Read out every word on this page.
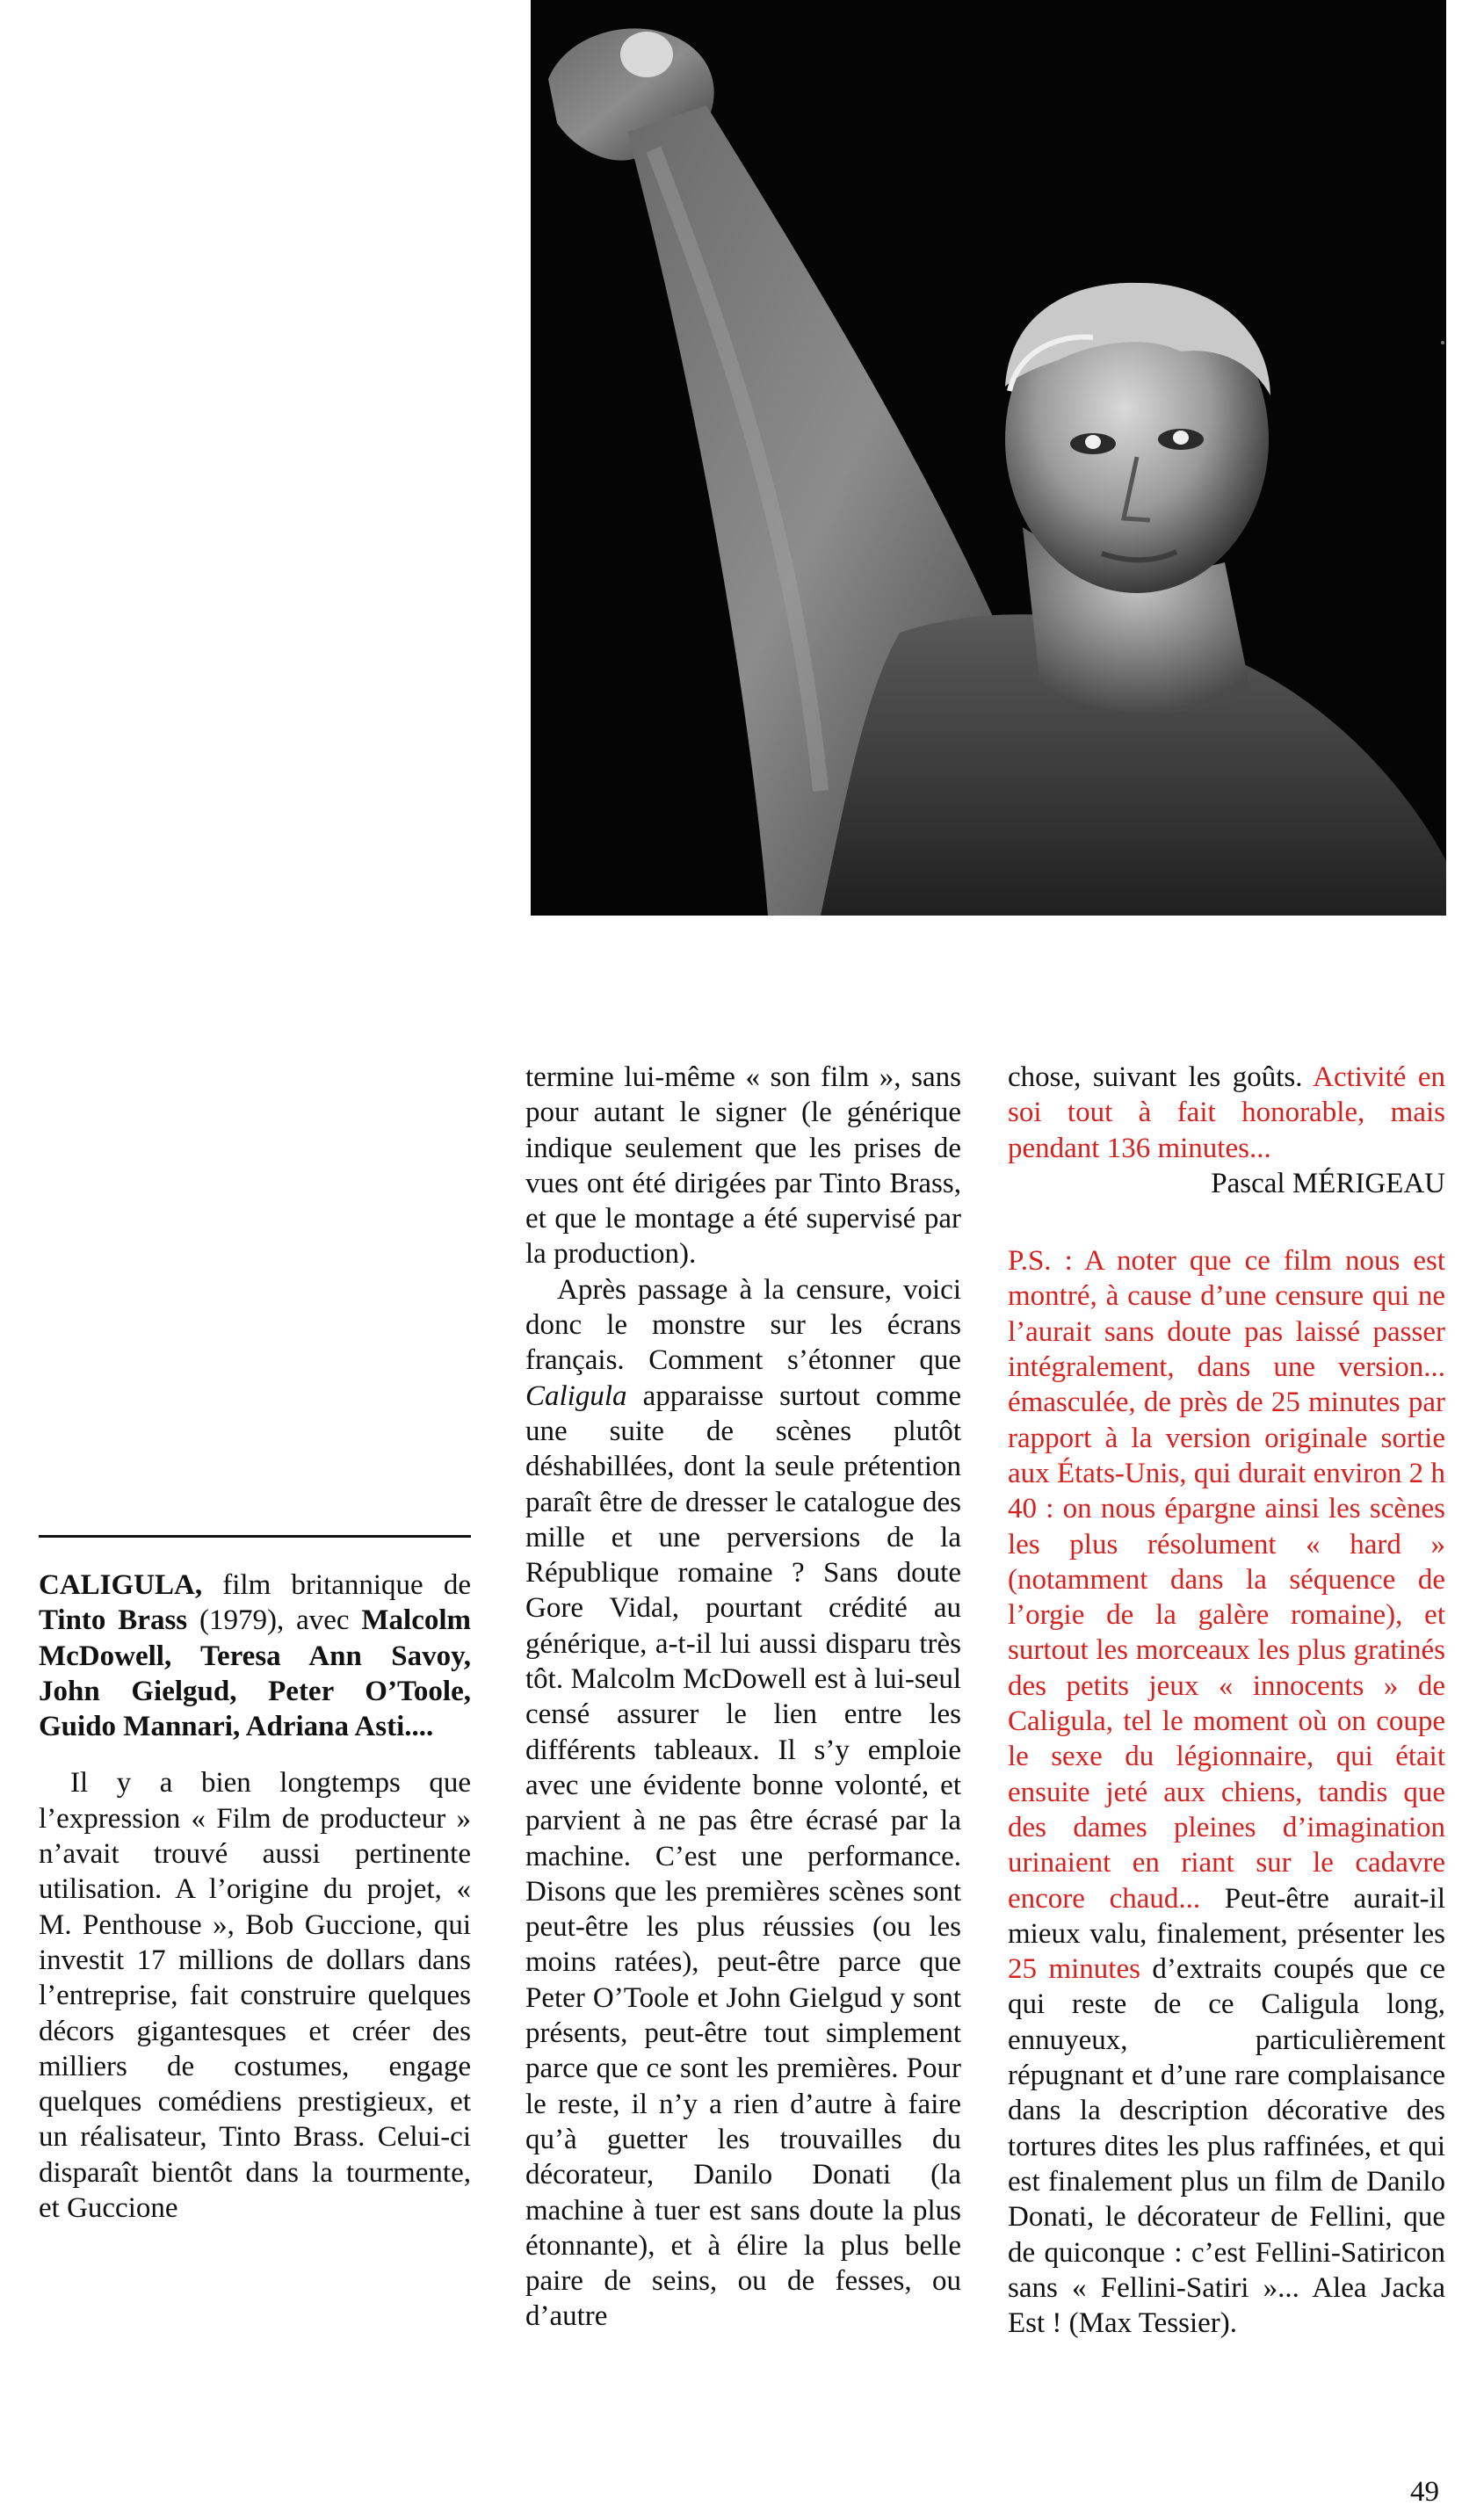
CALIGULA, film britannique de Tinto Brass (1979), avec Malcolm McDowell, Teresa Ann Savoy, John Gielgud, Peter O’Toole, Guido Mannari, Adriana Asti....

Il y a bien longtemps que l’expression « Film de producteur » n’avait trouvé aussi pertinente utilisation. A l’origine du projet, « M. Penthouse », Bob Guccione, qui investit 17 millions de dollars dans l’entreprise, fait construire quelques décors gigantesques et créer des milliers de costumes, engage quelques comédiens prestigieux, et un réalisateur, Tinto Brass. Celui-ci disparaît bientôt dans la tourmente, et Guccione

termine lui-même « son film », sans pour autant le signer (le générique indique seulement que les prises de vues ont été dirigées par Tinto Brass, et que le montage a été supervisé par la production).

Après passage à la censure, voici donc le monstre sur les écrans français. Comment s’étonner que Caligula apparaisse surtout comme une suite de scènes plutôt déshabillées, dont la seule prétention paraît être de dresser le catalogue des mille et une perversions de la République romaine ? Sans doute Gore Vidal, pourtant crédité au générique, a-t-il lui aussi disparu très tôt. Malcolm McDowell est à lui-seul censé assurer le lien entre les différents tableaux. Il s’y emploie avec une évidente bonne volonté, et parvient à ne pas être écrasé par la machine. C’est une performance. Disons que les premières scènes sont peut-être les plus réussies (ou les moins ratées), peut-être parce que Peter O’Toole et John Gielgud y sont présents, peut-être tout simplement parce que ce sont les premières. Pour le reste, il n’y a rien d’autre à faire qu’à guetter les trouvailles du décorateur, Danilo Donati (la machine à tuer est sans doute la plus étonnante), et à élire la plus belle paire de seins, ou de fesses, ou d’autre

chose, suivant les goûts. Activité en soi tout à fait honorable, mais pendant 136 minutes...

Pascal MÉRIGEAU

P.S. : A noter que ce film nous est montré, à cause d’une censure qui ne l’aurait sans doute pas laissé passer intégralement, dans une version... émasculée, de près de 25 minutes par rapport à la version originale sortie aux États-Unis, qui durait environ 2 h 40 : on nous épargne ainsi les scènes les plus résolument « hard » (notamment dans la séquence de l’orgie de la galère romaine), et surtout les morceaux les plus gratinés des petits jeux « innocents » de Caligula, tel le moment où on coupe le sexe du légionnaire, qui était ensuite jeté aux chiens, tandis que des dames pleines d’imagination urinaient en riant sur le cadavre encore chaud... Peut-être aurait-il mieux valu, finalement, présenter les 25 minutes d’extraits coupés que ce qui reste de ce Caligula long, ennuyeux, particulièrement répugnant et d’une rare complaisance dans la description décorative des tortures dites les plus raffinées, et qui est finalement plus un film de Danilo Donati, le décorateur de Fellini, que de quiconque : c’est Fellini-Satiricon sans « Fellini-Satiri »... Alea Jacka Est ! (Max Tessier).

49
